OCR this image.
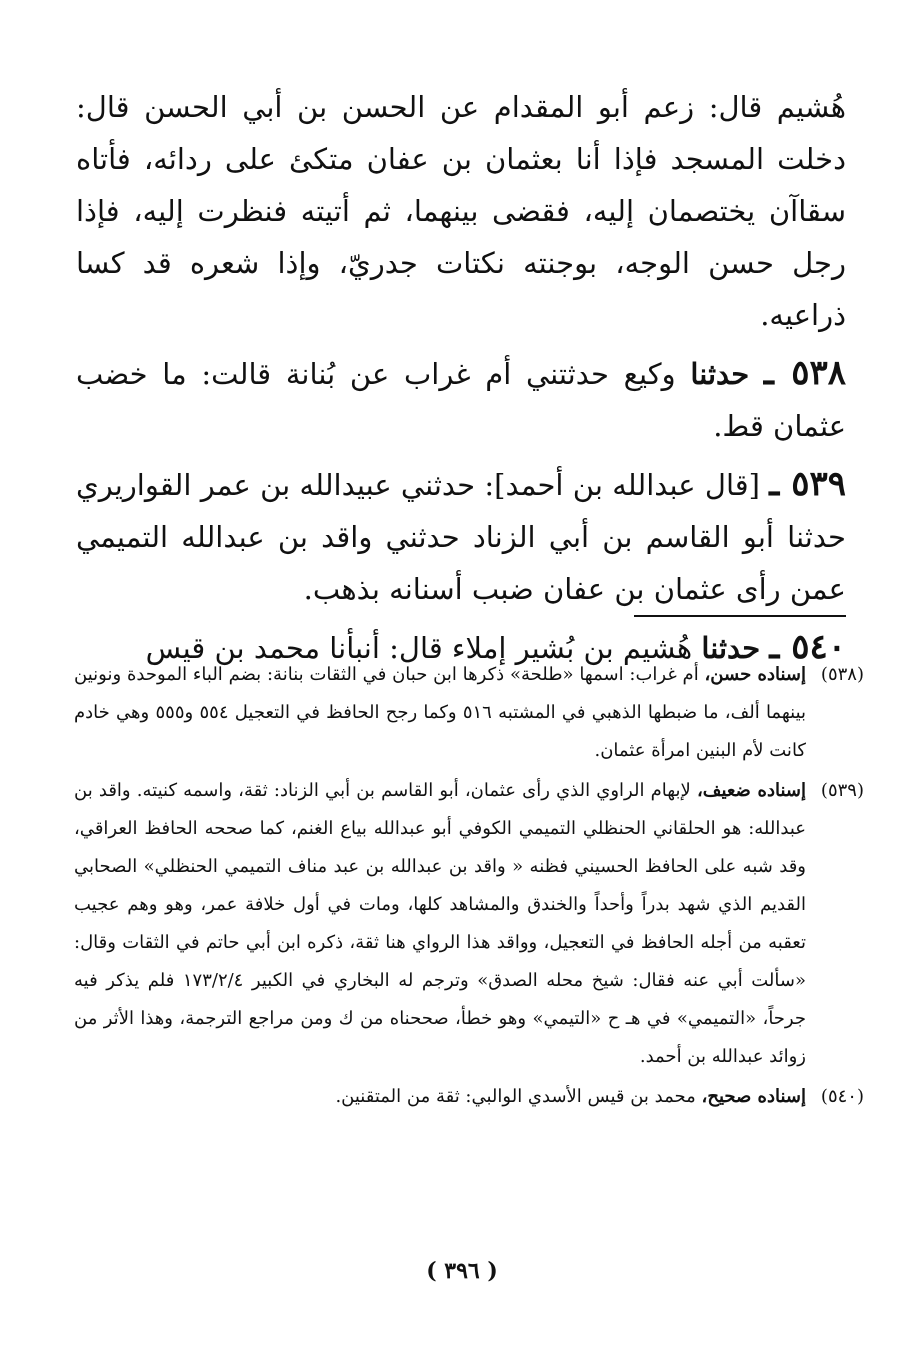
هُشيم قال: زعم أبو المقدام عن الحسن بن أبي الحسن قال: دخلت المسجد فإذا أنا بعثمان بن عفان متكئ على ردائه، فأتاه سقاآن يختصمان إليه، فقضى بينهما، ثم أتيته فنظرت إليه، فإذا رجل حسن الوجه، بوجنته نكتات جدريّ، وإذا شعره قد كسا ذراعيه.

٥٣٨ ـ حدثنا وكيع حدثتني أم غراب عن بُنانة قالت: ما خضب عثمان قط.

٥٣٩ ـ [قال عبدالله بن أحمد]: حدثني عبيدالله بن عمر القواريري حدثنا أبو القاسم بن أبي الزناد حدثني واقد بن عبدالله التميمي عمن رأى عثمان بن عفان ضبب أسنانه بذهب.

٥٤٠ ـ حدثنا هُشيم بن بُشير إملاء قال: أنبأنا محمد بن قيس

(٥٣٨)
إسناده حسن، أم غراب: اسمها «طلحة» ذكرها ابن حبان في الثقات بنانة: بضم الباء الموحدة ونونين بينهما ألف، ما ضبطها الذهبي في المشتبه ٥١٦ وكما رجح الحافظ في التعجيل ٥٥٤ و٥٥٥ وهي خادم كانت لأم البنين امرأة عثمان.
(٥٣٩)
إسناده ضعيف، لإبهام الراوي الذي رأى عثمان، أبو القاسم بن أبي الزناد: ثقة، واسمه كنيته. واقد بن عبدالله: هو الحلقاني الحنظلي التميمي الكوفي أبو عبدالله بياع الغنم، كما صححه الحافظ العراقي، وقد شبه على الحافظ الحسيني فظنه « واقد بن عبدالله بن عبد مناف التميمي الحنظلي» الصحابي القديم الذي شهد بدراً وأحداً والخندق والمشاهد كلها، ومات في أول خلافة عمر، وهو وهم عجيب تعقبه من أجله الحافظ في التعجيل، وواقد هذا الرواي هنا ثقة، ذكره ابن أبي حاتم في الثقات وقال: «سألت أبي عنه فقال: شيخ محله الصدق» وترجم له البخاري في الكبير ١٧٣/٢/٤ فلم يذكر فيه جرحاً، «التميمي» في هـ ح «التيمي» وهو خطأ، صححناه من ك ومن مراجع الترجمة، وهذا الأثر من زوائد عبدالله بن أحمد.
(٥٤٠)
إسناده صحيح، محمد بن قيس الأسدي الوالبي: ثقة من المتقنين.
( ٣٩٦ )
